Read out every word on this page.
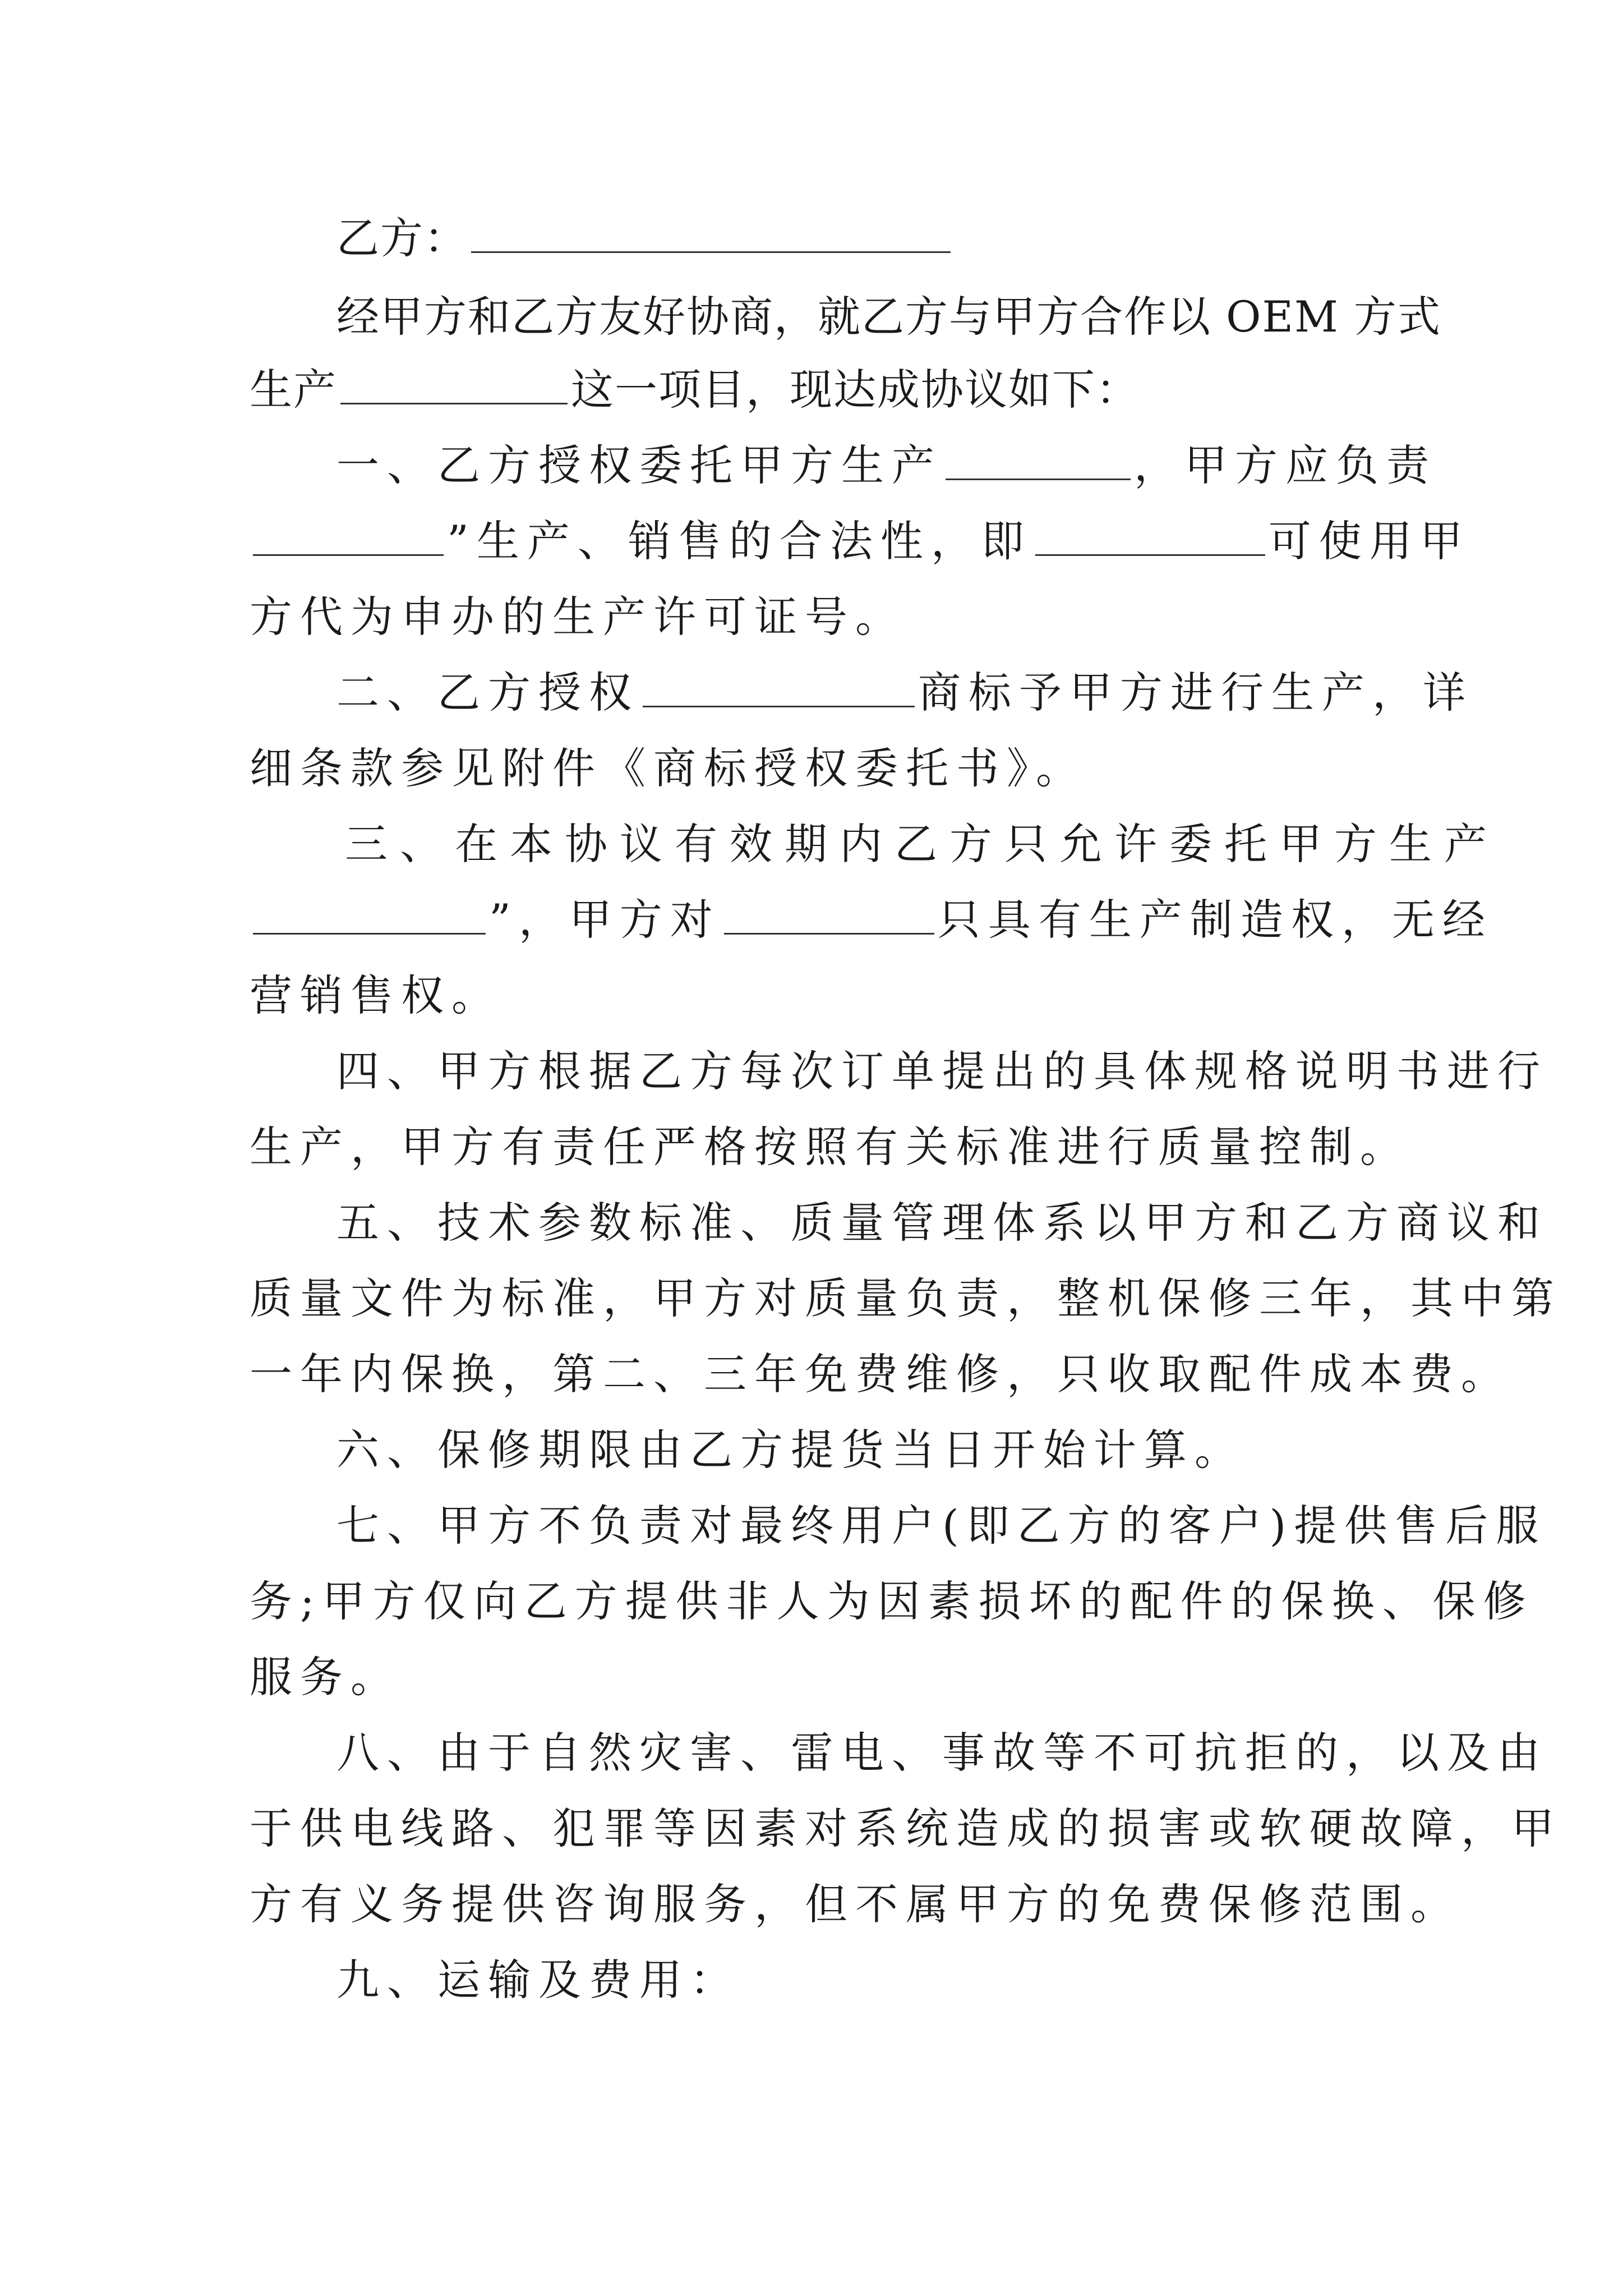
乙方：
经甲方和乙方友好协商，就乙方与甲方合作以 OEM 方式
生产	这一项目，现达成协议如下：
一、乙方授权委托甲方生产	，甲方应负责
”生产、销售的合法性，即	可使用甲
方代为申办的生产许可证号。
二、乙方授权	商标予甲方进行生产，详
细条款参见附件《商标授权委托书》。
三、在本协议有效期内乙方只允许委托甲方生产
”，甲方对	只具有生产制造权，无经
营销售权。
四、甲方根据乙方每次订单提出的具体规格说明书进行
生产，甲方有责任严格按照有关标准进行质量控制。
五、技术参数标准、质量管理体系以甲方和乙方商议和
质量文件为标准，甲方对质量负责，整机保修三年，其中第
一年内保换，第二、三年免费维修，只收取配件成本费。
六、保修期限由乙方提货当日开始计算。
七、甲方不负责对最终用户(即乙方的客户)提供售后服
务;甲方仅向乙方提供非人为因素损坏的配件的保换、保修
服务。
八、由于自然灾害、雷电、事故等不可抗拒的，以及由
于供电线路、犯罪等因素对系统造成的损害或软硬故障，甲
方有义务提供咨询服务，但不属甲方的免费保修范围。
九、运输及费用：
